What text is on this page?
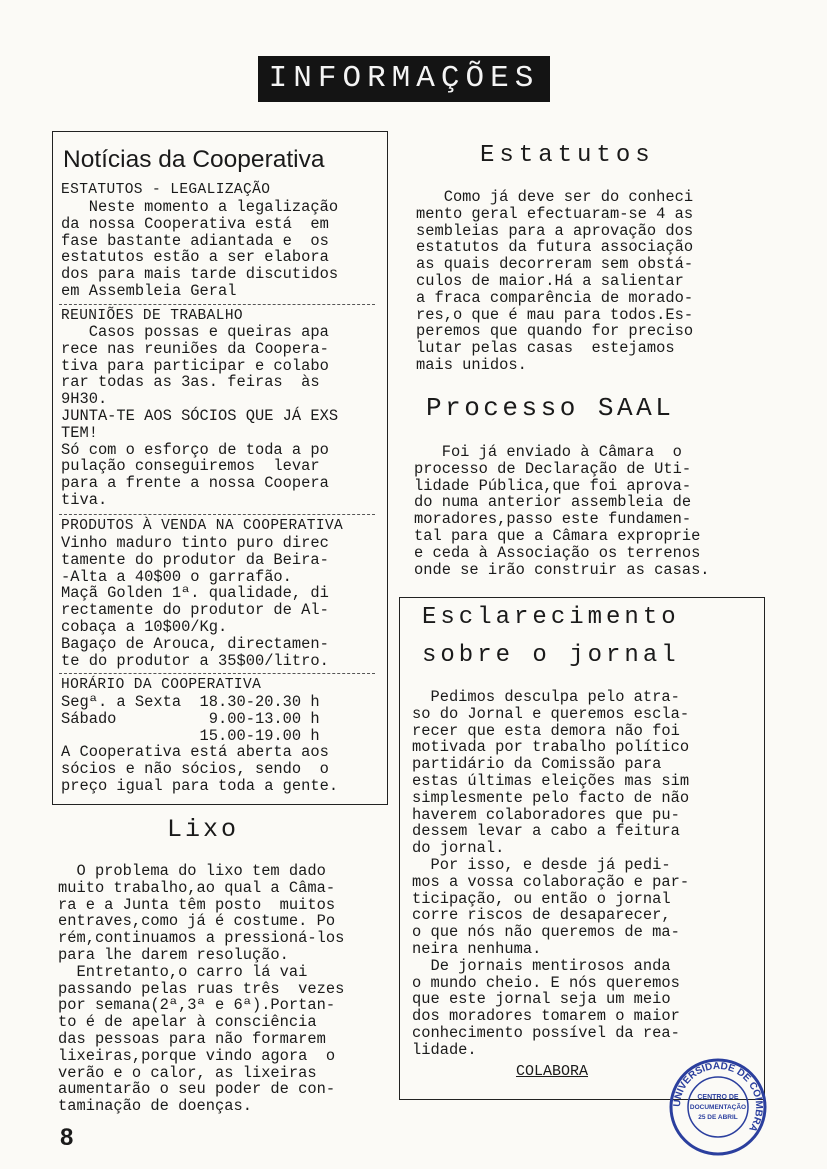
INFORMAÇÕES
Notícias da Cooperativa
ESTATUTOS - LEGALIZAÇÃO
Neste momento a legalização
da nossa Cooperativa está  em
fase bastante adiantada e  os
estatutos estão a ser elabora
dos para mais tarde discutidos
em Assembleia Geral
REUNIÕES DE TRABALHO
Casos possas e queiras apa
rece nas reuniões da Coopera-
tiva para participar e colabo
rar todas as 3as. feiras  às
9H30.
JUNTA-TE AOS SÓCIOS QUE JÁ EXS
TEM!
Só com o esforço de toda a po
pulação conseguiremos  levar
para a frente a nossa Coopera
tiva.
PRODUTOS À VENDA NA COOPERATIVA
Vinho maduro tinto puro direc
tamente do produtor da Beira-
-Alta a 40$00 o garrafão.
Maçã Golden 1ª. qualidade, di
rectamente do produtor de Al-
cobaça a 10$00/Kg.
Bagaço de Arouca, directamen-
te do produtor a 35$00/litro.
HORÁRIO DA COOPERATIVA
Segª. a Sexta  18.30-20.30 h
Sábado          9.00-13.00 h
15.00-19.00 h
A Cooperativa está aberta aos
sócios e não sócios, sendo  o
preço igual para toda a gente.
Lixo
O problema do lixo tem dado
muito trabalho,ao qual a Câma-
ra e a Junta têm posto  muitos
entraves,como já é costume. Po
rém,continuamos a pressioná-los
para lhe darem resolução.
Entretanto,o carro lá vai
passando pelas ruas três  vezes
por semana(2ª,3ª e 6ª).Portan-
to é de apelar à consciência
das pessoas para não formarem
lixeiras,porque vindo agora  o
verão e o calor, as lixeiras
aumentarão o seu poder de con-
taminação de doenças.
Estatutos
Como já deve ser do conheci
mento geral efectuaram-se 4 as
sembleias para a aprovação dos
estatutos da futura associação
as quais decorreram sem obstá-
culos de maior.Há a salientar
a fraca comparência de morado-
res,o que é mau para todos.Es-
peremos que quando for preciso
lutar pelas casas  estejamos
mais unidos.
Processo SAAL
Foi já enviado à Câmara  o
processo de Declaração de Uti-
lidade Pública,que foi aprova-
do numa anterior assembleia de
moradores,passo este fundamen-
tal para que a Câmara exproprie
e ceda à Associação os terrenos
onde se irão construir as casas.
Esclarecimento
sobre o jornal
Pedimos desculpa pelo atra-
so do Jornal e queremos escla-
recer que esta demora não foi
motivada por trabalho político
partidário da Comissão para
estas últimas eleições mas sim
simplesmente pelo facto de não
haverem colaboradores que pu-
dessem levar a cabo a feitura
do jornal.
Por isso, e desde já pedi-
mos a vossa colaboração e par-
ticipação, ou então o jornal
corre riscos de desaparecer,
o que nós não queremos de ma-
neira nenhuma.
De jornais mentirosos anda
o mundo cheio. E nós queremos
que este jornal seja um meio
dos moradores tomarem o maior
conhecimento possível da rea-
lidade.
COLABORA
UNIVERSIDADE DE COIMBRA
CENTRO DE
DOCUMENTAÇÃO
25 DE ABRIL
8
